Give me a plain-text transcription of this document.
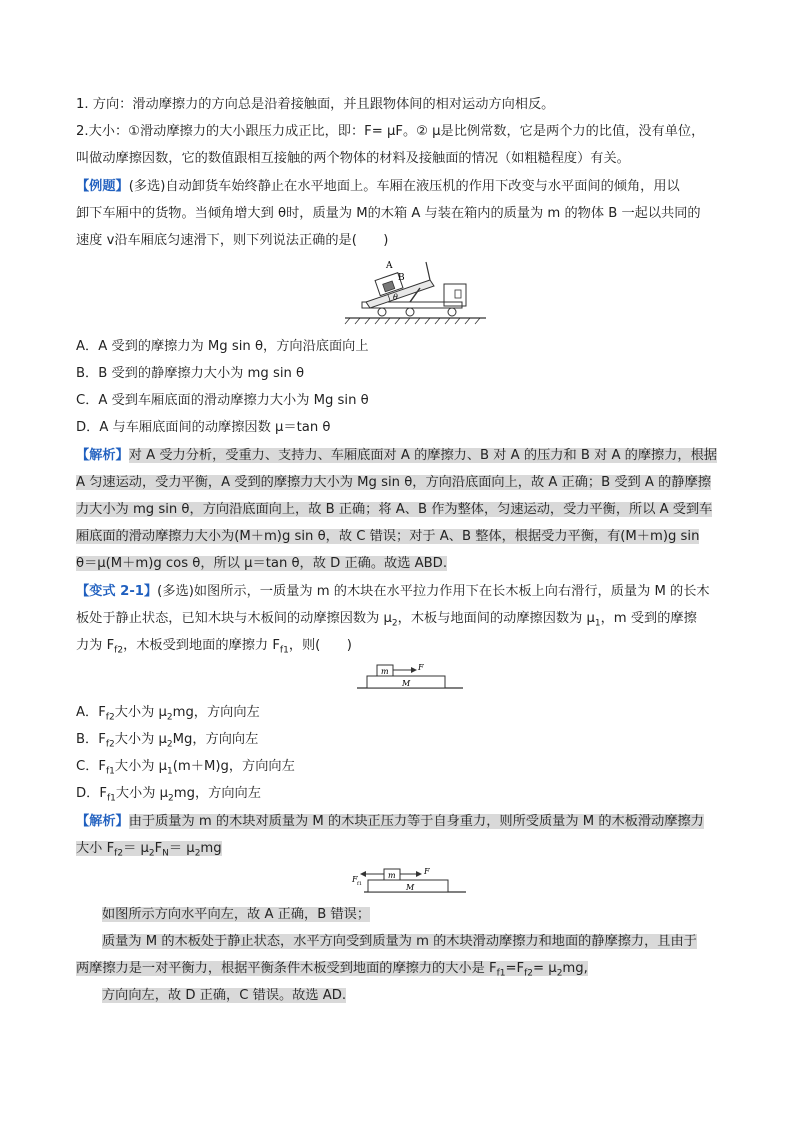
1. 方向：滑动摩擦力的方向总是沿着接触面，并且跟物体间的相对运动方向相反。
2.大小：①滑动摩擦力的大小跟压力成正比，即：F= μF。② μ是比例常数，它是两个力的比值，没有单位，
叫做动摩擦因数，它的数值跟相互接触的两个物体的材料及接触面的情况（如粗糙程度）有关。
【例题】(多选)自动卸货车始终静止在水平地面上。车厢在液压机的作用下改变与水平面间的倾角，用以
卸下车厢中的货物。当倾角增大到 θ时，质量为 M的木箱 A 与装在箱内的质量为 m 的物体 B 一起以共同的
速度 v沿车厢底匀速滑下，则下列说法正确的是(　　)
A
B
θ
A．A 受到的摩擦力为 Mg sin θ，方向沿底面向上
B．B 受到的静摩擦力大小为 mg sin θ
C．A 受到车厢底面的滑动摩擦力大小为 Mg sin θ
D．A 与车厢底面间的动摩擦因数 μ＝tan θ
【解析】对 A 受力分析，受重力、支持力、车厢底面对 A 的摩擦力、B 对 A 的压力和 B 对 A 的摩擦力，根据
A 匀速运动，受力平衡，A 受到的摩擦力大小为 Mg sin θ，方向沿底面向上，故 A 正确；B 受到 A 的静摩擦
力大小为 mg sin θ，方向沿底面向上，故 B 正确；将 A、B 作为整体，匀速运动，受力平衡，所以 A 受到车
厢底面的滑动摩擦力大小为(M＋m)g sin θ，故 C 错误；对于 A、B 整体，根据受力平衡，有(M＋m)g sin
θ＝μ(M＋m)g cos θ，所以 μ＝tan θ，故 D 正确。故选 ABD.
【变式 2-1】(多选)如图所示，一质量为 m 的木块在水平拉力作用下在长木板上向右滑行，质量为 M 的长木
板处于静止状态，已知木块与木板间的动摩擦因数为 $\mu_2$，木板与地面间的动摩擦因数为 $\mu_1$，m 受到的摩擦
力为 $F_{f2}$，木板受到地面的摩擦力 $F_{f1}$，则(　　)
m
M
F
A．$F_{f2}$大小为 $\mu_2mg$，方向向左
B．$F_{f2}$大小为 $\mu_2Mg$，方向向左
C．$F_{f1}$大小为 $\mu_1(m+M)g$，方向向左
D．$F_{f1}$大小为 $\mu_2mg$，方向向左
【解析】由于质量为 m 的木块对质量为 M 的木块正压力等于自身重力，则所受质量为 M 的木板滑动摩擦力
大小 $F_{f2}= \mu_2F_N= \mu_2mg$
m
M
F
F f1
如图所示方向水平向左，故 A 正确，B 错误；
质量为 M 的木板处于静止状态，水平方向受到质量为 m 的木块滑动摩擦力和地面的静摩擦力，且由于
两摩擦力是一对平衡力，根据平衡条件木板受到地面的摩擦力的大小是 $F_{f1}=F_{f2}= \mu_2mg$,
方向向左，故 D 正确，C 错误。故选 AD.
